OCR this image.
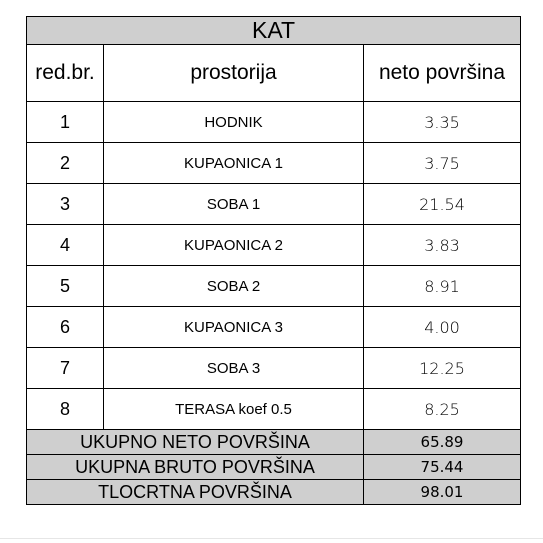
KAT		
red.br.	prostorija	neto površina
1	HODNIK	3.35
2	KUPAONICA 1	3.75
3	SOBA 1	21.54
4	KUPAONICA 2	3.83
5	SOBA 2	8.91
6	KUPAONICA 3	4.00
7	SOBA 3	12.25
8	TERASA koef 0.5	8.25
UKUPNO NETO POVRŠINA		65.89
UKUPNA BRUTO POVRŠINA		75.44
TLOCRTNA POVRŠINA		98.01
